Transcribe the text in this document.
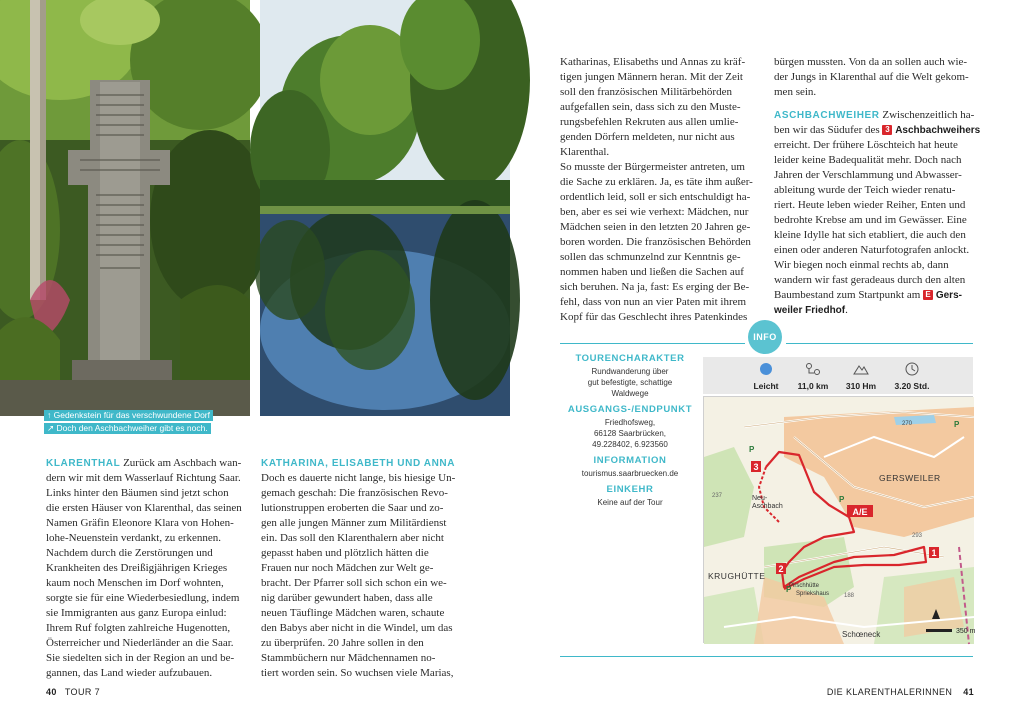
↑ Gedenkstein für das verschwundene Dorf
↗ Doch den Aschbachweiher gibt es noch.

KLARENTHAL Zurück am Aschbach wan-
dern wir mit dem Wasserlauf Richtung Saar.
Links hinter den Bäumen sind jetzt schon
die ersten Häuser von Klarenthal, das seinen
Namen Gräfin Eleonore Klara von Hohen-
lohe-Neuenstein verdankt, zu erkennen.
Nachdem durch die Zerstörungen und
Krankheiten des Dreißigjährigen Krieges
kaum noch Menschen im Dorf wohnten,
sorgte sie für eine Wiederbesiedlung, indem
sie Immigranten aus ganz Europa einlud:
Ihrem Ruf folgten zahlreiche Hugenotten,
Österreicher und Niederländer an die Saar.
Sie siedelten sich in der Region an und be-
gannen, das Land wieder aufzubauen.

KATHARINA, ELISABETH UND ANNA
Doch es dauerte nicht lange, bis hiesige Un-
gemach geschah: Die französischen Revo-
lutionstruppen eroberten die Saar und zo-
gen alle jungen Männer zum Militärdienst
ein. Das soll den Klarenthalern aber nicht
gepasst haben und plötzlich hätten die
Frauen nur noch Mädchen zur Welt ge-
bracht. Der Pfarrer soll sich schon ein we-
nig darüber gewundert haben, dass alle
neuen Täuflinge Mädchen waren, schaute
den Babys aber nicht in die Windel, um das
zu überprüfen. 20 Jahre sollen in den
Stammbüchern nur Mädchennamen no-
tiert worden sein. So wuchsen viele Marias,

Katharinas, Elisabeths und Annas zu kräf-
tigen jungen Männern heran. Mit der Zeit
soll den französischen Militärbehörden
aufgefallen sein, dass sich zu den Muste-
rungsbefehlen Rekruten aus allen umlie-
genden Dörfern meldeten, nur nicht aus
Klarenthal.
So musste der Bürgermeister antreten, um
die Sache zu erklären. Ja, es täte ihm außer-
ordentlich leid, soll er sich entschuldigt ha-
ben, aber es sei wie verhext: Mädchen, nur
Mädchen seien in den letzten 20 Jahren ge-
boren worden. Die französischen Behörden
sollen das schmunzelnd zur Kenntnis ge-
nommen haben und ließen die Sachen auf
sich beruhen. Na ja, fast: Es erging der Be-
fehl, dass von nun an vier Paten mit ihrem
Kopf für das Geschlecht ihres Patenkindes

bürgen mussten. Von da an sollen auch wie-
der Jungs in Klarenthal auf die Welt gekom-
men sein.

ASCHBACHWEIHER Zwischenzeitlich ha-
ben wir das Südufer des 3 Aschbachweihers
erreicht. Der frühere Löschteich hat heute
leider keine Badequalität mehr. Doch nach
Jahren der Verschlammung und Abwasser-
ableitung wurde der Teich wieder renatu-
riert. Heute leben wieder Reiher, Enten und
bedrohte Krebse am und im Gewässer. Eine
kleine Idylle hat sich etabliert, die auch den
einen oder anderen Naturfotografen anlockt.
Wir biegen noch einmal rechts ab, dann
wandern wir fast geradeaus durch den alten
Baumbestand zum Startpunkt am E Gers-
weiler Friedhof.

INFO
TOURENCHARAKTER
Rundwanderung über
gut befestigte, schattige
Waldwege
AUSGANGS-/ENDPUNKT
Friedhofsweg,
66128 Saarbrücken,
49.228402, 6.923560
INFORMATION
tourismus.saarbruecken.de
EINKEHR
Keine auf der Tour
Leicht	11,0 km	310 Hm	3.20 Std.
A/E
1
2
3
P
P
P
P
GERSWEILER
Neu-
Aschbach
KRUGHÜTTE
Schœneck
Pirschhütte
Spriekshaus
237
293
188
270
350 m
40 TOUR 7	DIE KLARENTHALERINNEN 41
